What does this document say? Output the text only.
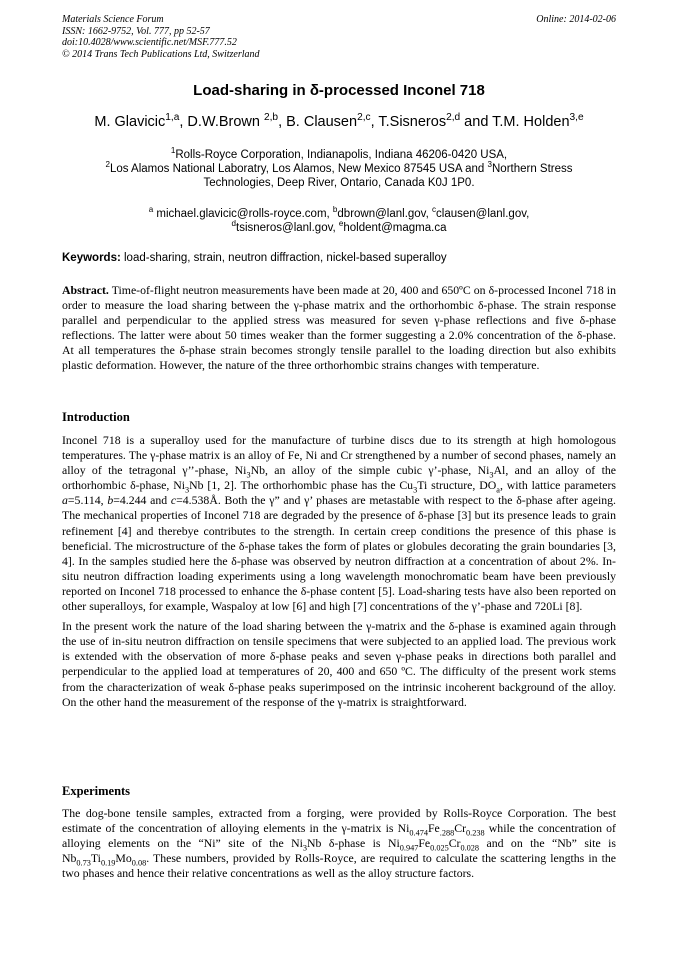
Materials Science Forum
ISSN: 1662-9752, Vol. 777, pp 52-57
doi:10.4028/www.scientific.net/MSF.777.52
© 2014 Trans Tech Publications Ltd, Switzerland
Online: 2014-02-06
Load-sharing in δ-processed Inconel 718
M. Glavicic$^{1,a}$, D.W.Brown $^{2,b}$, B. Clausen$^{2,c}$, T.Sisneros$^{2,d}$ and T.M. Holden$^{3,e}$
$^1$Rolls-Royce Corporation, Indianapolis, Indiana 46206-0420 USA,
$^2$Los Alamos National Laboratry, Los Alamos, New Mexico 87545 USA and $^3$Northern Stress
Technologies, Deep River, Ontario, Canada K0J 1P0.
$^a$ michael.glavicic@rolls-royce.com, $^b$dbrown@lanl.gov, $^c$clausen@lanl.gov,
$^d$tsisneros@lanl.gov, $^e$holdent@magma.ca
Keywords: load-sharing, strain, neutron diffraction, nickel-based superalloy

Abstract. Time-of-flight neutron measurements have been made at 20, 400 and 650ºC on δ-processed Inconel 718 in order to measure the load sharing between the γ-phase matrix and the orthorhombic δ-phase. The strain response parallel and perpendicular to the applied stress was measured for seven γ-phase reflections and five δ-phase reflections. The latter were about 50 times weaker than the former suggesting a 2.0% concentration of the δ-phase. At all temperatures the δ-phase strain becomes strongly tensile parallel to the loading direction but also exhibits plastic deformation. However, the nature of the three orthorhombic strains changes with temperature.

Introduction

Inconel 718 is a superalloy used for the manufacture of turbine discs due to its strength at high homologous temperatures. The γ-phase matrix is an alloy of Fe, Ni and Cr strengthened by a number of second phases, namely an alloy of the tetragonal γ’’-phase, $Ni_3Nb$, an alloy of the simple cubic γ’-phase, $Ni_3Al$, and an alloy of the orthorhombic δ-phase, $Ni_3Nb$ [1, 2]. The orthorhombic phase has the $Cu_3Ti$ structure, $DO_a$, with lattice parameters a=5.114, b=4.244 and c=4.538Å. Both the γ” and γ’ phases are metastable with respect to the δ-phase after ageing. The mechanical properties of Inconel 718 are degraded by the presence of δ-phase [3] but its presence leads to grain refinement [4] and therebye contributes to the strength. In certain creep conditions the presence of this phase is beneficial. The microstructure of the δ-phase takes the form of plates or globules decorating the grain boundaries [3, 4]. In the samples studied here the δ-phase was observed by neutron diffraction at a concentration of about 2%. In-situ neutron diffraction loading experiments using a long wavelength monochromatic beam have been previously reported on Inconel 718 processed to enhance the δ-phase content [5]. Load-sharing tests have also been reported on other superalloys, for example, Waspaloy at low [6] and high [7] concentrations of the γ’-phase and 720Li [8].

In the present work the nature of the load sharing between the γ-matrix and the δ-phase is examined again through the use of in-situ neutron diffraction on tensile specimens that were subjected to an applied load. The previous work is extended with the observation of more δ-phase peaks and seven γ-phase peaks in directions both parallel and perpendicular to the applied load at temperatures of 20, 400 and 650 ºC. The difficulty of the present work stems from the characterization of weak δ-phase peaks superimposed on the intrinsic incoherent background of the alloy. On the other hand the measurement of the response of the γ-matrix is straightforward.

Experiments

The dog-bone tensile samples, extracted from a forging, were provided by Rolls-Royce Corporation. The best estimate of the concentration of alloying elements in the γ-matrix is $Ni_{0.474}Fe_{.288}Cr_{0.238}$ while the concentration of alloying elements on the “Ni” site of the $Ni_3Nb$ δ-phase is $Ni_{0.947}Fe_{0.025}Cr_{0.028}$ and on the “Nb” site is $Nb_{0.73}Ti_{0.19}Mo_{0.08}$. These numbers, provided by Rolls-Royce, are required to calculate the scattering lengths in the two phases and hence their relative concentrations as well as the alloy structure factors.
